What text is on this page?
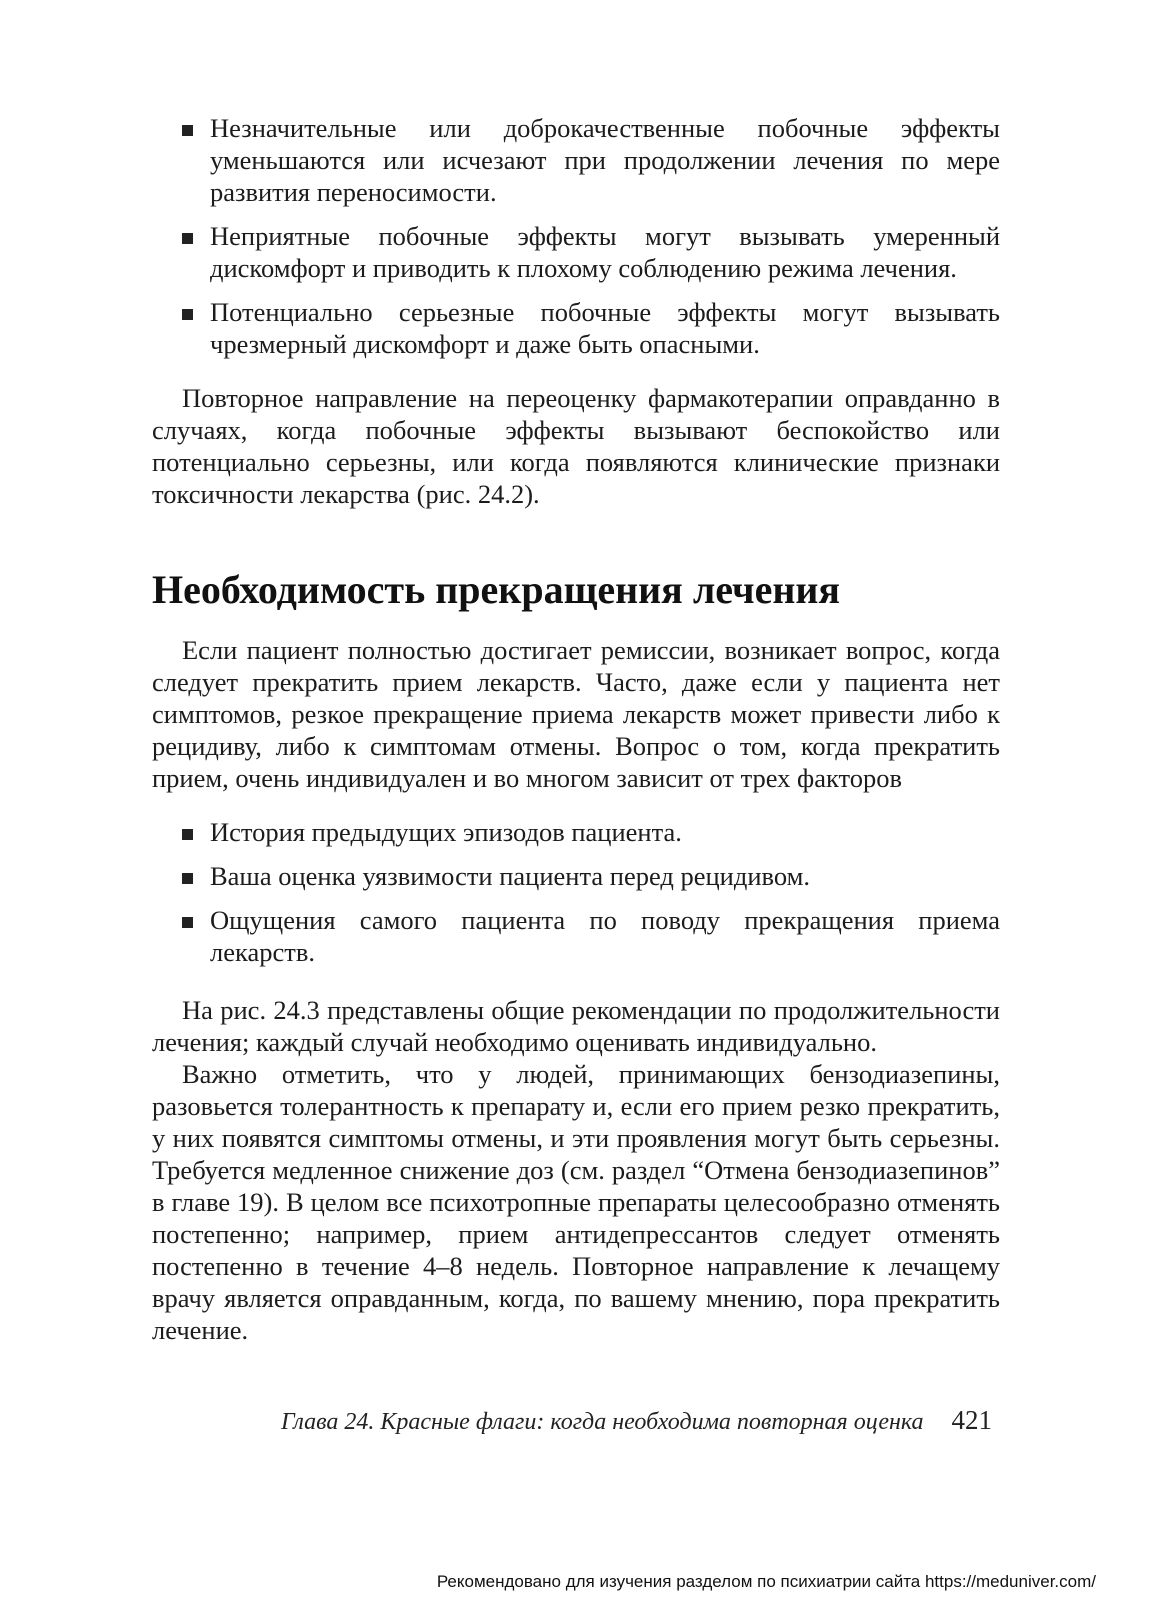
Незначительные или доброкачественные побочные эффекты уменьшаются или исчезают при продолжении лечения по мере развития переносимости.
Неприятные побочные эффекты могут вызывать умеренный дискомфорт и приводить к плохому соблюдению режима лечения.
Потенциально серьезные побочные эффекты могут вызывать чрезмерный дискомфорт и даже быть опасными.

Повторное направление на переоценку фармакотерапии оправданно в случаях, когда побочные эффекты вызывают беспокойство или потенциально серьезны, или когда появляются клинические признаки токсичности лекарства (рис. 24.2).

Необходимость прекращения лечения

Если пациент полностью достигает ремиссии, возникает вопрос, когда следует прекратить прием лекарств. Часто, даже если у пациента нет симптомов, резкое прекращение приема лекарств может привести либо к рецидиву, либо к симптомам отмены. Вопрос о том, когда прекратить прием, очень индивидуален и во многом зависит от трех факторов

История предыдущих эпизодов пациента.
Ваша оценка уязвимости пациента перед рецидивом.
Ощущения самого пациента по поводу прекращения приема лекарств.

На рис. 24.3 представлены общие рекомендации по продолжительности лечения; каждый случай необходимо оценивать индивидуально.

Важно отметить, что у людей, принимающих бензодиазепины, разовьется толерантность к препарату и, если его прием резко прекратить, у них появятся симптомы отмены, и эти проявления могут быть серьезны. Требуется медленное снижение доз (см. раздел “Отмена бензодиазепинов” в главе 19). В целом все психотропные препараты целесообразно отменять постепенно; например, прием антидепрессантов следует отменять постепенно в течение 4–8 недель. Повторное направление к лечащему врачу является оправданным, когда, по вашему мнению, пора прекратить лечение.

Глава 24. Красные флаги: когда необходима повторная оценка 421
Рекомендовано для изучения разделом по психиатрии сайта https://meduniver.com/
